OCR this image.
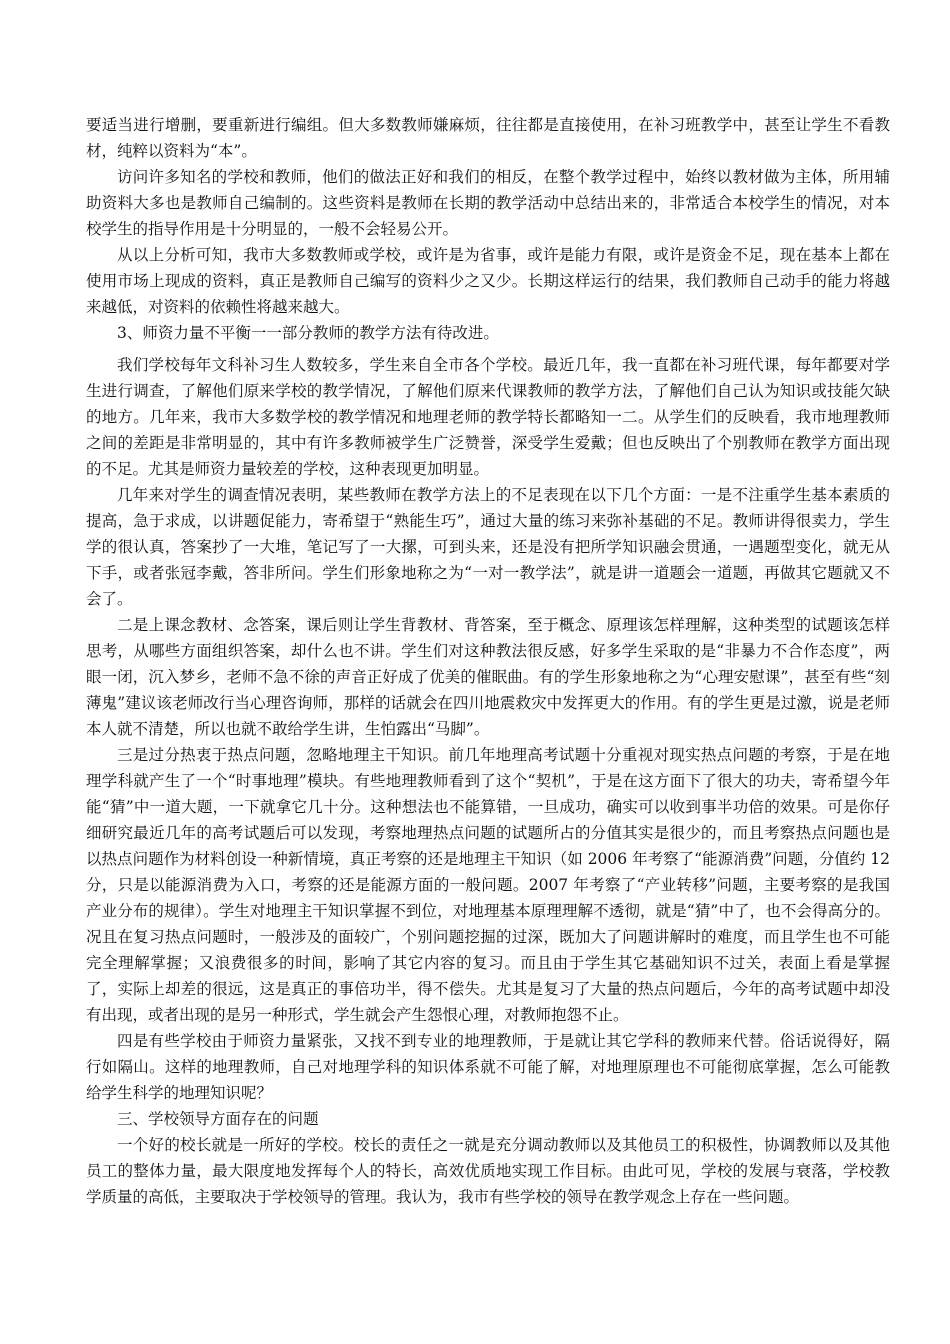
要适当进行增删，要重新进行编组。但大多数教师嫌麻烦，往往都是直接使用，在补习班教学中，甚至让学生不看教材，纯粹以资料为“本”。

访问许多知名的学校和教师，他们的做法正好和我们的相反，在整个教学过程中，始终以教材做为主体，所用辅助资料大多也是教师自己编制的。这些资料是教师在长期的教学活动中总结出来的，非常适合本校学生的情况，对本校学生的指导作用是十分明显的，一般不会轻易公开。

从以上分析可知，我市大多数教师或学校，或许是为省事，或许是能力有限，或许是资金不足，现在基本上都在使用市场上现成的资料，真正是教师自己编写的资料少之又少。长期这样运行的结果，我们教师自己动手的能力将越来越低，对资料的依赖性将越来越大。

3、师资力量不平衡一一部分教师的教学方法有待改进。

我们学校每年文科补习生人数较多，学生来自全市各个学校。最近几年，我一直都在补习班代课，每年都要对学生进行调查，了解他们原来学校的教学情况，了解他们原来代课教师的教学方法，了解他们自己认为知识或技能欠缺的地方。几年来，我市大多数学校的教学情况和地理老师的教学特长都略知一二。从学生们的反映看，我市地理教师之间的差距是非常明显的，其中有许多教师被学生广泛赞誉，深受学生爱戴；但也反映出了个别教师在教学方面出现的不足。尤其是师资力量较差的学校，这种表现更加明显。

几年来对学生的调查情况表明，某些教师在教学方法上的不足表现在以下几个方面：一是不注重学生基本素质的提高，急于求成，以讲题促能力，寄希望于“熟能生巧”，通过大量的练习来弥补基础的不足。教师讲得很卖力，学生学的很认真，答案抄了一大堆，笔记写了一大摞，可到头来，还是没有把所学知识融会贯通，一遇题型变化，就无从下手，或者张冠李戴，答非所问。学生们形象地称之为“一对一教学法”，就是讲一道题会一道题，再做其它题就又不会了。

二是上课念教材、念答案，课后则让学生背教材、背答案，至于概念、原理该怎样理解，这种类型的试题该怎样思考，从哪些方面组织答案，却什么也不讲。学生们对这种教法很反感，好多学生采取的是“非暴力不合作态度”，两眼一闭，沉入梦乡，老师不急不徐的声音正好成了优美的催眠曲。有的学生形象地称之为“心理安慰课”，甚至有些“刻薄鬼”建议该老师改行当心理咨询师，那样的话就会在四川地震救灾中发挥更大的作用。有的学生更是过激，说是老师本人就不清楚，所以也就不敢给学生讲，生怕露出“马脚”。

三是过分热衷于热点问题，忽略地理主干知识。前几年地理高考试题十分重视对现实热点问题的考察，于是在地理学科就产生了一个“时事地理”模块。有些地理教师看到了这个“契机”，于是在这方面下了很大的功夫，寄希望今年能“猜”中一道大题，一下就拿它几十分。这种想法也不能算错，一旦成功，确实可以收到事半功倍的效果。可是你仔细研究最近几年的高考试题后可以发现，考察地理热点问题的试题所占的分值其实是很少的，而且考察热点问题也是以热点问题作为材料创设一种新情境，真正考察的还是地理主干知识（如 2006 年考察了“能源消费”问题，分值约 12 分，只是以能源消费为入口，考察的还是能源方面的一般问题。2007 年考察了“产业转移”问题，主要考察的是我国产业分布的规律）。学生对地理主干知识掌握不到位，对地理基本原理理解不透彻，就是“猜”中了，也不会得高分的。况且在复习热点问题时，一般涉及的面较广，个别问题挖掘的过深，既加大了问题讲解时的难度，而且学生也不可能完全理解掌握；又浪费很多的时间，影响了其它内容的复习。而且由于学生其它基础知识不过关，表面上看是掌握了，实际上却差的很远，这是真正的事倍功半，得不偿失。尤其是复习了大量的热点问题后，今年的高考试题中却没有出现，或者出现的是另一种形式，学生就会产生怨恨心理，对教师抱怨不止。

四是有些学校由于师资力量紧张，又找不到专业的地理教师，于是就让其它学科的教师来代替。俗话说得好，隔行如隔山。这样的地理教师，自己对地理学科的知识体系就不可能了解，对地理原理也不可能彻底掌握，怎么可能教给学生科学的地理知识呢？

三、学校领导方面存在的问题

一个好的校长就是一所好的学校。校长的责任之一就是充分调动教师以及其他员工的积极性，协调教师以及其他员工的整体力量，最大限度地发挥每个人的特长，高效优质地实现工作目标。由此可见，学校的发展与衰落，学校教学质量的高低，主要取决于学校领导的管理。我认为，我市有些学校的领导在教学观念上存在一些问题。
